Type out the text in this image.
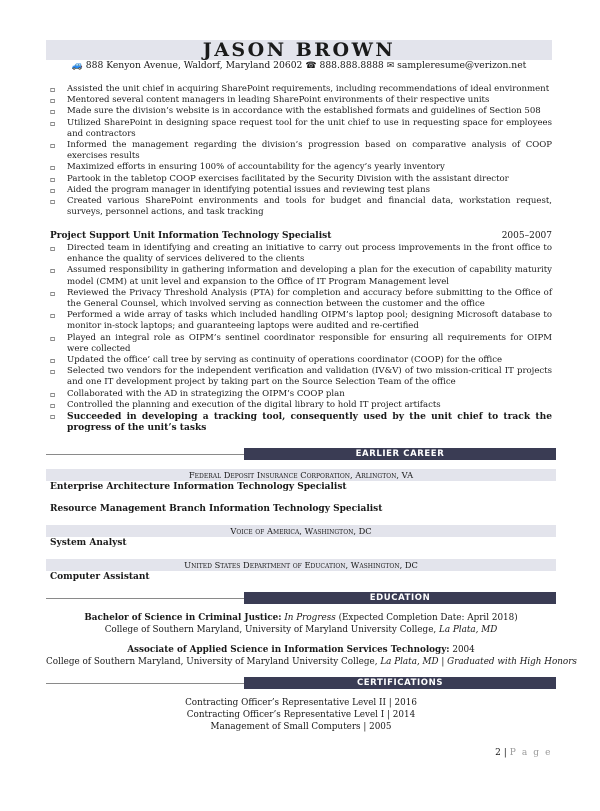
JASON BROWN
🚙 888 Kenyon Avenue, Waldorf, Maryland 20602 ☎ 888.888.8888 ✉ sampleresume@verizon.net
▫ Assisted the unit chief in acquiring SharePoint requirements, including recommendations of ideal environment
▫ Mentored several content managers in leading SharePoint environments of their respective units
▫ Made sure the division’s website is in accordance with the established formats and guidelines of Section 508
▫ Utilized SharePoint in designing space request tool for the unit chief to use in requesting space for employees and contractors
▫ Informed the management regarding the division’s progression based on comparative analysis of COOP exercises results
▫ Maximized efforts in ensuring 100% of accountability for the agency’s yearly inventory
▫ Partook in the tabletop COOP exercises facilitated by the Security Division with the assistant director
▫ Aided the program manager in identifying potential issues and reviewing test plans
▫ Created various SharePoint environments and tools for budget and financial data, workstation request, surveys, personnel actions, and task tracking
Project Support Unit Information Technology Specialist	2005–2007
▫ Directed team in identifying and creating an initiative to carry out process improvements in the front office to enhance the quality of services delivered to the clients
▫ Assumed responsibility in gathering information and developing a plan for the execution of capability maturity model (CMM) at unit level and expansion to the Office of IT Program Management level
▫ Reviewed the Privacy Threshold Analysis (PTA) for completion and accuracy before submitting to the Office of the General Counsel, which involved serving as connection between the customer and the office
▫ Performed a wide array of tasks which included handling OIPM’s laptop pool; designing Microsoft database to monitor in-stock laptops; and guaranteeing laptops were audited and re-certified
▫ Played an integral role as OIPM’s sentinel coordinator responsible for ensuring all requirements for OIPM were collected
▫ Updated the office’ call tree by serving as continuity of operations coordinator (COOP) for the office
▫ Selected two vendors for the independent verification and validation (IV&V) of two mission-critical IT projects and one IT development project by taking part on the Source Selection Team of the office
▫ Collaborated with the AD in strategizing the OIPM’s COOP plan
▫ Controlled the planning and execution of the digital library to hold IT project artifacts
▫ Succeeded in developing a tracking tool, consequently used by the unit chief to track the progress of the unit’s tasks
EARLIER CAREER
Federal Deposit Insurance Corporation, Arlington, VA
Enterprise Architecture Information Technology Specialist
Resource Management Branch Information Technology Specialist
Voice of America, Washington, DC
System Analyst
United States Department of Education, Washington, DC
Computer Assistant
EDUCATION
Bachelor of Science in Criminal Justice: In Progress (Expected Completion Date: April 2018)
College of Southern Maryland, University of Maryland University College, La Plata, MD
Associate of Applied Science in Information Services Technology: 2004
College of Southern Maryland, University of Maryland University College, La Plata, MD | Graduated with High Honors
CERTIFICATIONS
Contracting Officer’s Representative Level II | 2016
Contracting Officer’s Representative Level I | 2014
Management of Small Computers | 2005
2 | P a g e
